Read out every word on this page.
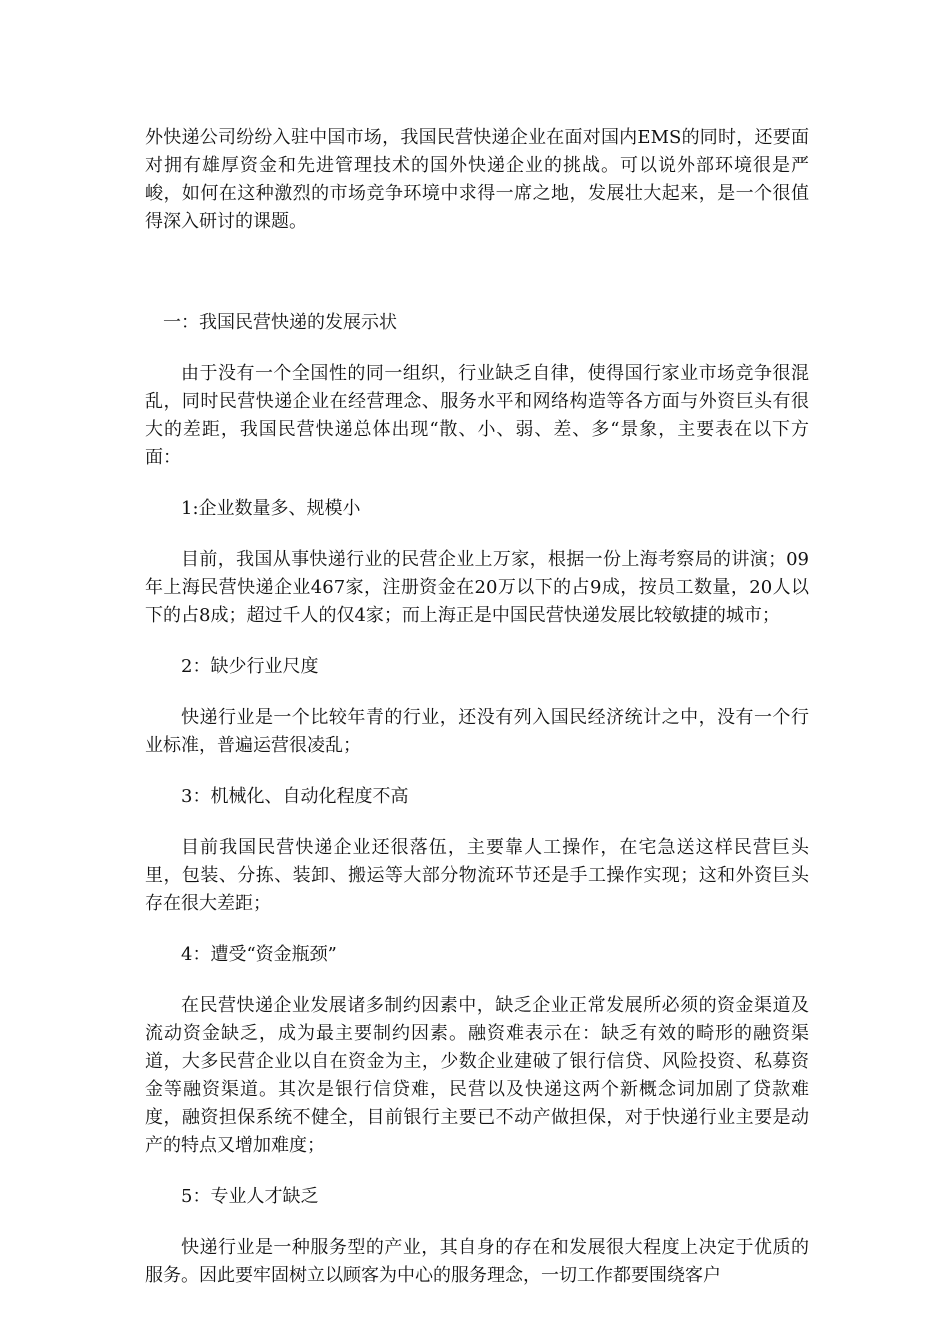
外快递公司纷纷入驻中国市场，我国民营快递企业在面对国内EMS的同时，还要面对拥有雄厚资金和先进管理技术的国外快递企业的挑战。可以说外部环境很是严峻，如何在这种激烈的市场竞争环境中求得一席之地，发展壮大起来，是一个很值得深入研讨的课题。

一：我国民营快递的发展示状

由于没有一个全国性的同一组织，行业缺乏自律，使得国行家业市场竞争很混乱，同时民营快递企业在经营理念、服务水平和网络构造等各方面与外资巨头有很大的差距，我国民营快递总体出现“散、小、弱、差、多“景象，主要表在以下方面：

1:企业数量多、规模小

目前，我国从事快递行业的民营企业上万家，根据一份上海考察局的讲演；09年上海民营快递企业467家，注册资金在20万以下的占9成，按员工数量，20人以下的占8成；超过千人的仅4家；而上海正是中国民营快递发展比较敏捷的城市；

2：缺少行业尺度

快递行业是一个比较年青的行业，还没有列入国民经济统计之中，没有一个行业标准，普遍运营很凌乱；

3：机械化、自动化程度不高

目前我国民营快递企业还很落伍，主要靠人工操作，在宅急送这样民营巨头里，包装、分拣、装卸、搬运等大部分物流环节还是手工操作实现；这和外资巨头存在很大差距；

4：遭受“资金瓶颈”

在民营快递企业发展诸多制约因素中，缺乏企业正常发展所必须的资金渠道及流动资金缺乏，成为最主要制约因素。融资难表示在：缺乏有效的畸形的融资渠道，大多民营企业以自在资金为主，少数企业建破了银行信贷、风险投资、私募资金等融资渠道。其次是银行信贷难，民营以及快递这两个新概念词加剧了贷款难度，融资担保系统不健全，目前银行主要已不动产做担保，对于快递行业主要是动产的特点又增加难度；

5：专业人才缺乏

快递行业是一种服务型的产业，其自身的存在和发展很大程度上决定于优质的服务。因此要牢固树立以顾客为中心的服务理念，一切工作都要围绕客户
